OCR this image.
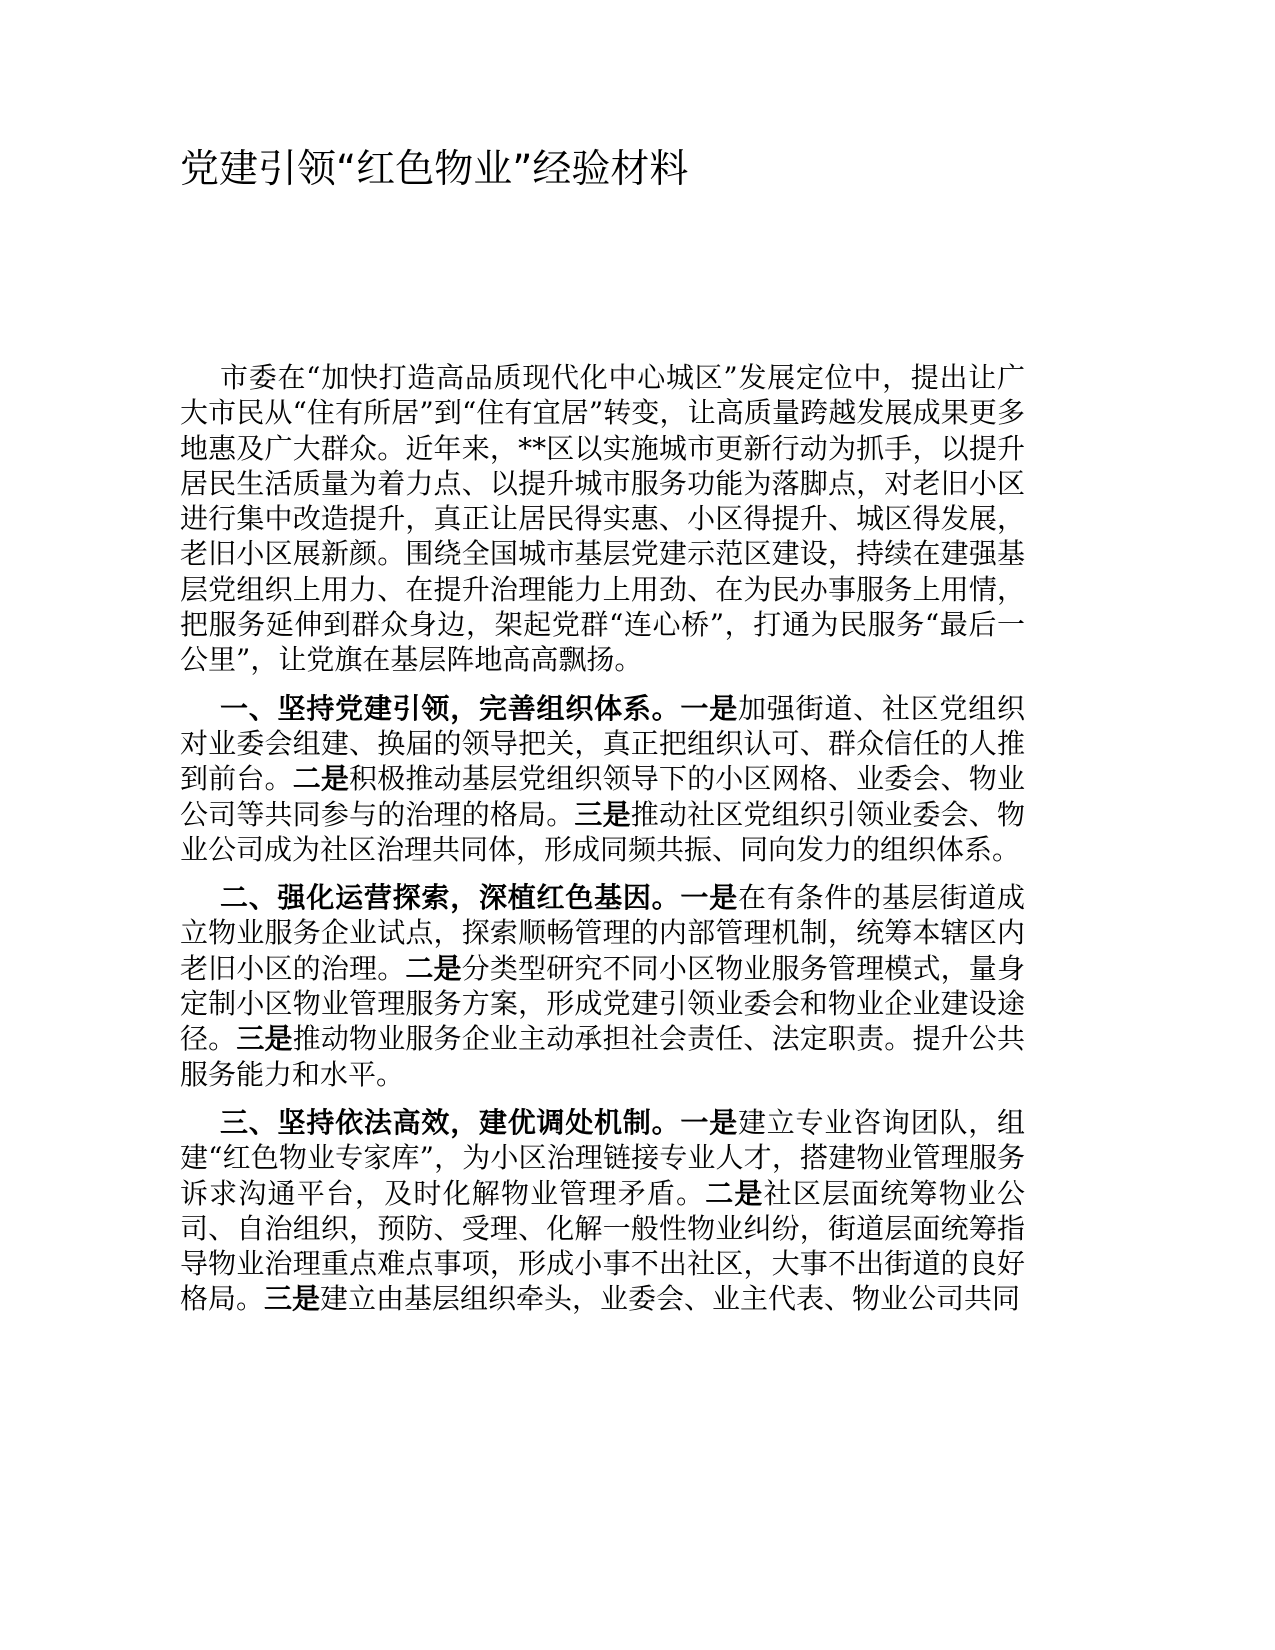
党建引领“红色物业”经验材料

市委在“加快打造高品质现代化中心城区”发展定位中，提出让广大市民从“住有所居”到“住有宜居”转变，让高质量跨越发展成果更多地惠及广大群众。近年来，**区以实施城市更新行动为抓手，以提升居民生活质量为着力点、以提升城市服务功能为落脚点，对老旧小区进行集中改造提升，真正让居民得实惠、小区得提升、城区得发展，老旧小区展新颜。围绕全国城市基层党建示范区建设，持续在建强基层党组织上用力、在提升治理能力上用劲、在为民办事服务上用情，把服务延伸到群众身边，架起党群“连心桥”，打通为民服务“最后一公里”，让党旗在基层阵地高高飘扬。

一、坚持党建引领，完善组织体系。一是加强街道、社区党组织对业委会组建、换届的领导把关，真正把组织认可、群众信任的人推到前台。二是积极推动基层党组织领导下的小区网格、业委会、物业公司等共同参与的治理的格局。三是推动社区党组织引领业委会、物业公司成为社区治理共同体，形成同频共振、同向发力的组织体系。

二、强化运营探索，深植红色基因。一是在有条件的基层街道成立物业服务企业试点，探索顺畅管理的内部管理机制，统筹本辖区内老旧小区的治理。二是分类型研究不同小区物业服务管理模式，量身定制小区物业管理服务方案，形成党建引领业委会和物业企业建设途径。三是推动物业服务企业主动承担社会责任、法定职责。提升公共服务能力和水平。

三、坚持依法高效，建优调处机制。一是建立专业咨询团队，组建“红色物业专家库”，为小区治理链接专业人才，搭建物业管理服务诉求沟通平台，及时化解物业管理矛盾。二是社区层面统筹物业公司、自治组织，预防、受理、化解一般性物业纠纷，街道层面统筹指导物业治理重点难点事项，形成小事不出社区，大事不出街道的良好格局。三是建立由基层组织牵头，业委会、业主代表、物业公司共同
